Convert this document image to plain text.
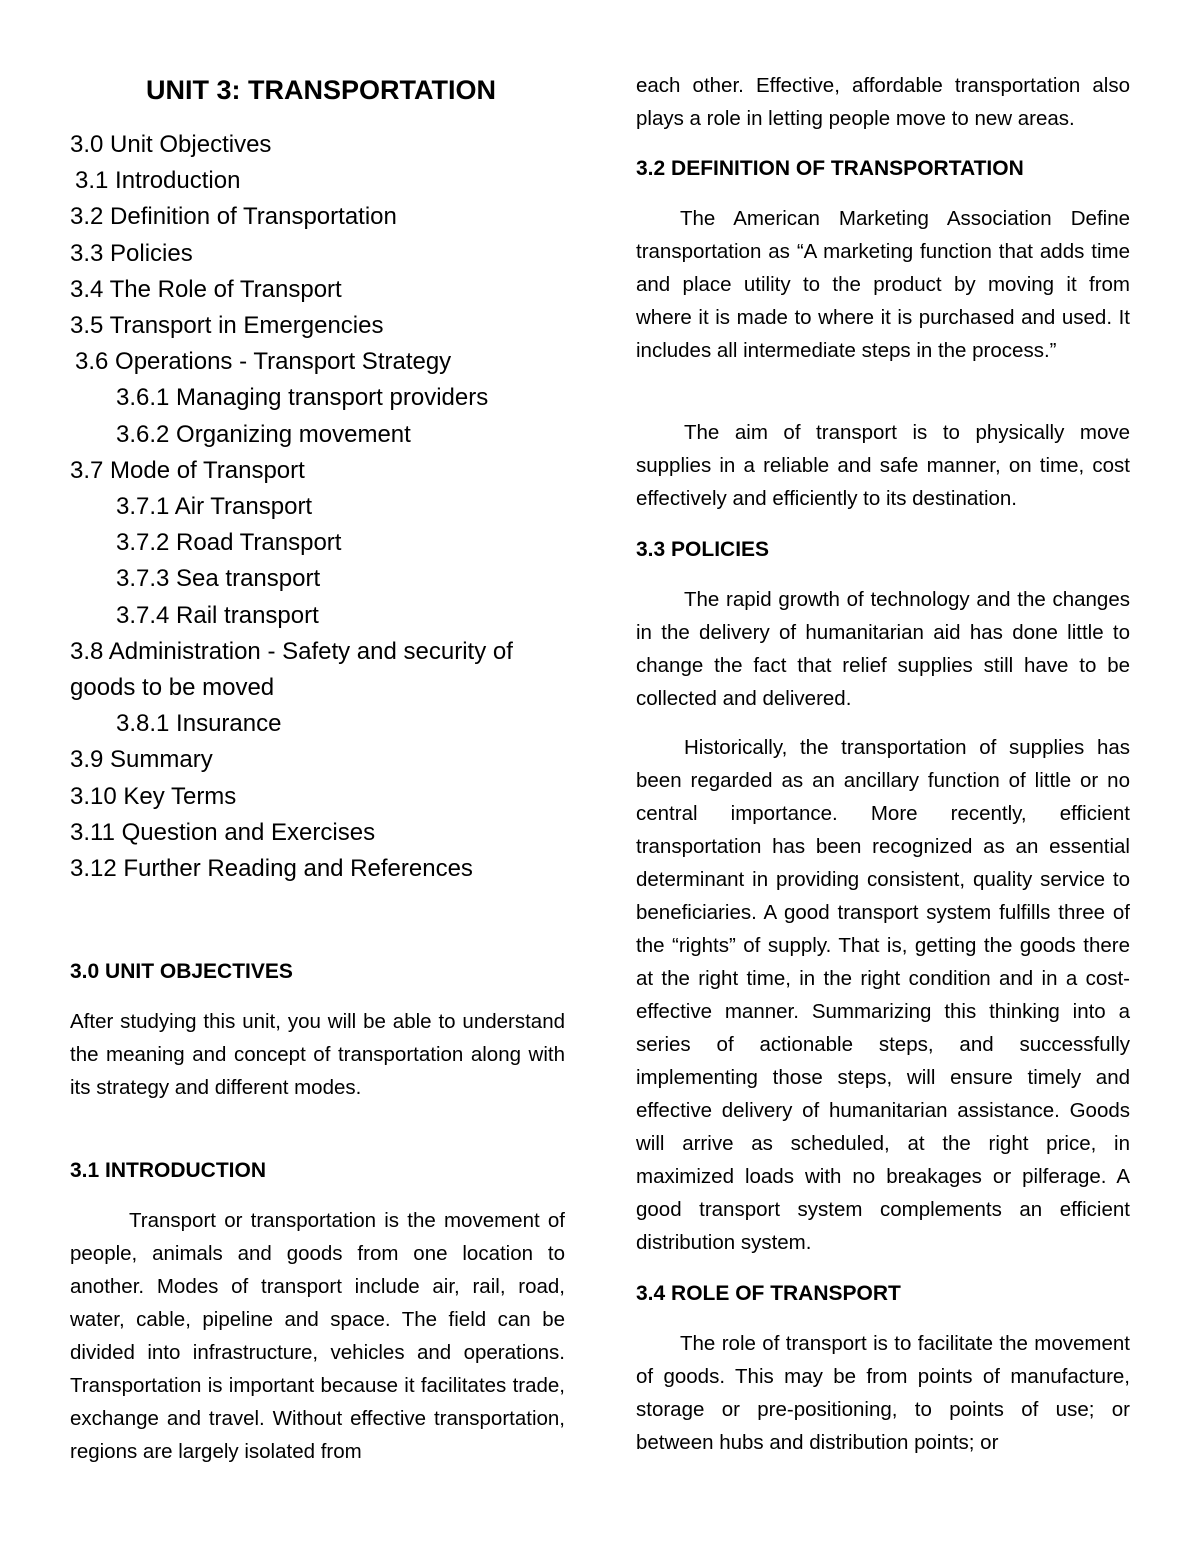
UNIT 3: TRANSPORTATION
3.0 Unit Objectives
3.1 Introduction
3.2 Definition of Transportation
3.3 Policies
3.4 The Role of Transport
3.5 Transport in Emergencies
3.6 Operations - Transport Strategy
3.6.1 Managing transport providers
3.6.2 Organizing movement
3.7 Mode of Transport
3.7.1 Air Transport
3.7.2 Road Transport
3.7.3 Sea transport
3.7.4 Rail transport
3.8 Administration - Safety and security of goods to be moved
3.8.1 Insurance
3.9 Summary
3.10 Key Terms
3.11 Question and Exercises
3.12 Further Reading and References
3.0 UNIT OBJECTIVES

After studying this unit, you will be able to understand the meaning and concept of transportation along with its strategy and different modes.

3.1 INTRODUCTION

Transport or transportation is the movement of people, animals and goods from one location to another. Modes of transport include air, rail, road, water, cable, pipeline and space. The field can be divided into infrastructure, vehicles and operations. Transportation is important because it facilitates trade, exchange and travel. Without effective transportation, regions are largely isolated from

each other. Effective, affordable transportation also plays a role in letting people move to new areas.

3.2 DEFINITION OF TRANSPORTATION

The American Marketing Association Define transportation as “A marketing function that adds time and place utility to the product by moving it from where it is made to where it is purchased and used. It includes all intermediate steps in the process.”

The aim of transport is to physically move supplies in a reliable and safe manner, on time, cost effectively and efficiently to its destination.

3.3 POLICIES

The rapid growth of technology and the changes in the delivery of humanitarian aid has done little to change the fact that relief supplies still have to be collected and delivered.

Historically, the transportation of supplies has been regarded as an ancillary function of little or no central importance. More recently, efficient transportation has been recognized as an essential determinant in providing consistent, quality service to beneficiaries. A good transport system fulfills three of the “rights” of supply. That is, getting the goods there at the right time, in the right condition and in a cost-effective manner. Summarizing this thinking into a series of actionable steps, and successfully implementing those steps, will ensure timely and effective delivery of humanitarian assistance. Goods will arrive as scheduled, at the right price, in maximized loads with no breakages or pilferage. A good transport system complements an efficient distribution system.

3.4 ROLE OF TRANSPORT

The role of transport is to facilitate the movement of goods. This may be from points of manufacture, storage or pre-positioning, to points of use; or between hubs and distribution points; or
